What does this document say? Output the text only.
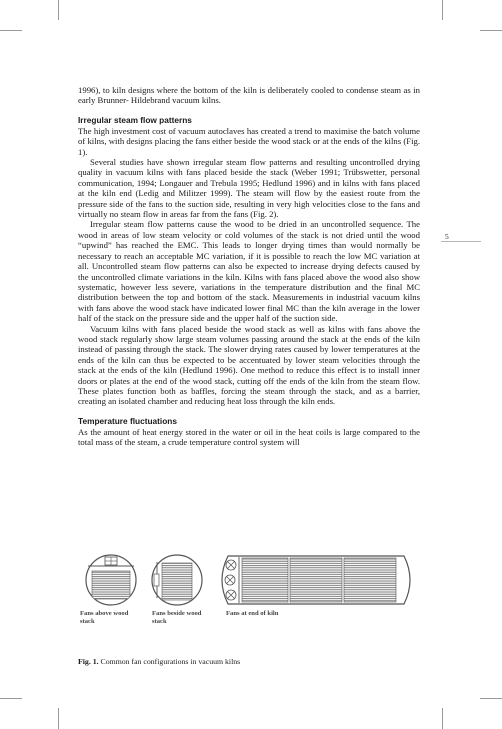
5

1996), to kiln designs where the bottom of the kiln is deliberately cooled to condense steam as in early Brunner- Hildebrand vacuum kilns.

Irregular steam flow patterns

The high investment cost of vacuum autoclaves has created a trend to maximise the batch volume of kilns, with designs placing the fans either beside the wood stack or at the ends of the kilns (Fig. 1).

Several studies have shown irregular steam flow patterns and resulting uncontrolled drying quality in vacuum kilns with fans placed beside the stack (Weber 1991; Trübswetter, personal communication, 1994; Longauer and Trebula 1995; Hedlund 1996) and in kilns with fans placed at the kiln end (Ledig and Militzer 1999). The steam will flow by the easiest route from the pressure side of the fans to the suction side, resulting in very high velocities close to the fans and virtually no steam flow in areas far from the fans (Fig. 2).

Irregular steam flow patterns cause the wood to be dried in an uncontrolled sequence. The wood in areas of low steam velocity or cold volumes of the stack is not dried until the wood “upwind” has reached the EMC. This leads to longer drying times than would normally be necessary to reach an acceptable MC variation, if it is possible to reach the low MC variation at all. Uncontrolled steam flow patterns can also be expected to increase drying defects caused by the uncontrolled climate variations in the kiln. Kilns with fans placed above the wood also show systematic, however less severe, variations in the temperature distribution and the final MC distribution between the top and bottom of the stack. Measurements in industrial vacuum kilns with fans above the wood stack have indicated lower final MC than the kiln average in the lower half of the stack on the pressure side and the upper half of the suction side.

Vacuum kilns with fans placed beside the wood stack as well as kilns with fans above the wood stack regularly show large steam volumes passing around the stack at the ends of the kiln instead of passing through the stack. The slower drying rates caused by lower temperatures at the ends of the kiln can thus be expected to be accentuated by lower steam velocities through the stack at the ends of the kiln (Hedlund 1996). One method to reduce this effect is to install inner doors or plates at the end of the wood stack, cutting off the ends of the kiln from the steam flow. These plates function both as baffles, forcing the steam through the stack, and as a barrier, creating an isolated chamber and reducing heat loss through the kiln ends.

Temperature fluctuations

As the amount of heat energy stored in the water or oil in the heat coils is large compared to the total mass of the steam, a crude temperature control system will

Fans above wood
stack
Fans beside wood
stack
Fans at end of kiln
Fig. 1. Common fan configurations in vacuum kilns
